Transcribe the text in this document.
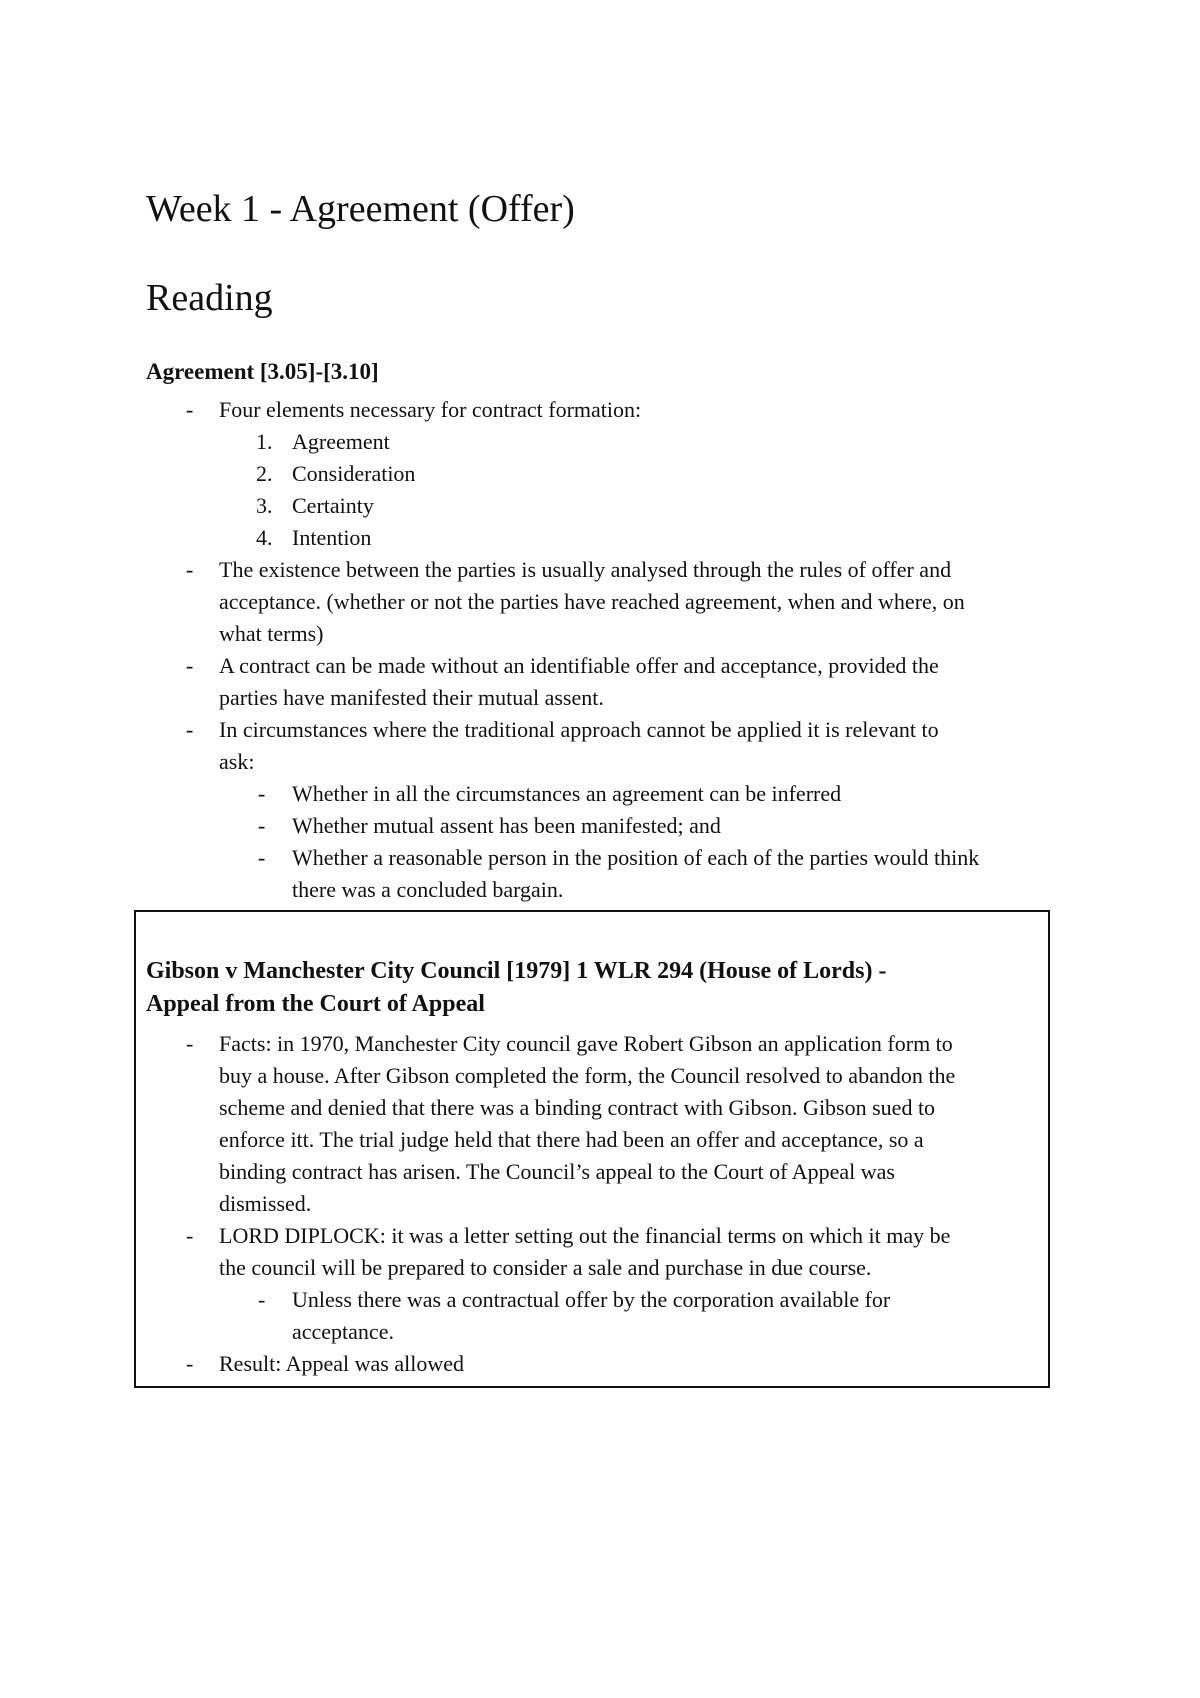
Week 1 - Agreement (Offer)
Reading
Agreement [3.05]-[3.10]
- Four elements necessary for contract formation:

1. Agreement
2. Consideration
3. Certainty
4. Intention
- The existence between the parties is usually analysed through the rules of offer and

acceptance. (whether or not the parties have reached agreement, when and where, on

what terms)

- A contract can be made without an identifiable offer and acceptance, provided the

parties have manifested their mutual assent.

- In circumstances where the traditional approach cannot be applied it is relevant to

ask:

- Whether in all the circumstances an agreement can be inferred

- Whether mutual assent has been manifested; and

- Whether a reasonable person in the position of each of the parties would think

there was a concluded bargain.

Gibson v Manchester City Council [1979] 1 WLR 294 (House of Lords) -

Appeal from the Court of Appeal

- Facts: in 1970, Manchester City council gave Robert Gibson an application form to

buy a house. After Gibson completed the form, the Council resolved to abandon the

scheme and denied that there was a binding contract with Gibson. Gibson sued to

enforce itt. The trial judge held that there had been an offer and acceptance, so a

binding contract has arisen. The Council’s appeal to the Court of Appeal was

dismissed.

- LORD DIPLOCK: it was a letter setting out the financial terms on which it may be

the council will be prepared to consider a sale and purchase in due course.

- Unless there was a contractual offer by the corporation available for

acceptance.

- Result: Appeal was allowed
